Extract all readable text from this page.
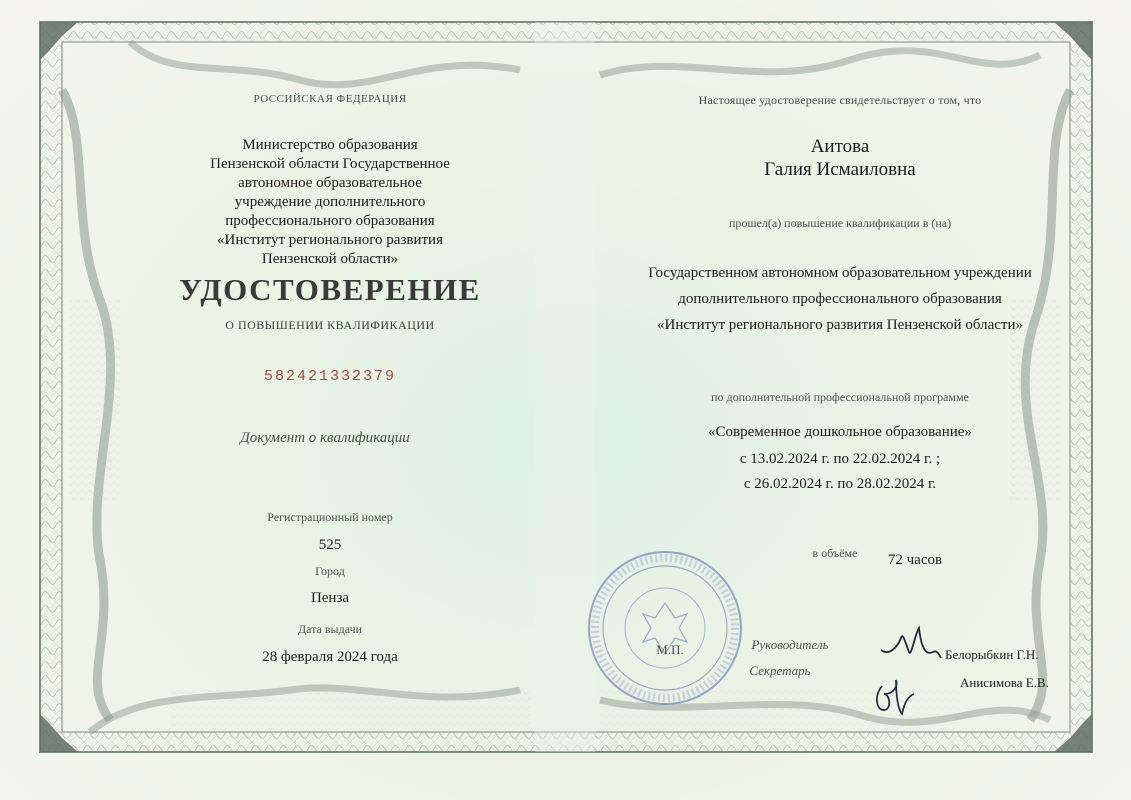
РОССИЙСКАЯ ФЕДЕРАЦИЯ
Министерство образования
Пензенской области Государственное
автономное образовательное
учреждение дополнительного
профессионального образования
«Институт регионального развития
Пензенской области»
УДОСТОВЕРЕНИЕ
О ПОВЫШЕНИИ КВАЛИФИКАЦИИ
582421332379
Документ о квалификации
Регистрационный номер
525
Город
Пенза
Дата выдачи
28 февраля 2024 года
Настоящее удостоверение свидетельствует о том, что
Аитова
Галия Исмаиловна
прошел(а) повышение квалификации в (на)
Государственном автономном образовательном учреждении
дополнительного профессионального образования
«Институт регионального развития Пензенской области»
по дополнительной профессиональной программе
«Современное дошкольное образование»
с 13.02.2024 г. по 22.02.2024 г. ;
с 26.02.2024 г. по 28.02.2024 г.
в объёме	72 часов
М.П.	Руководитель
Секретарь
Белорыбкин Г.Н.
Анисимова Е.В.
